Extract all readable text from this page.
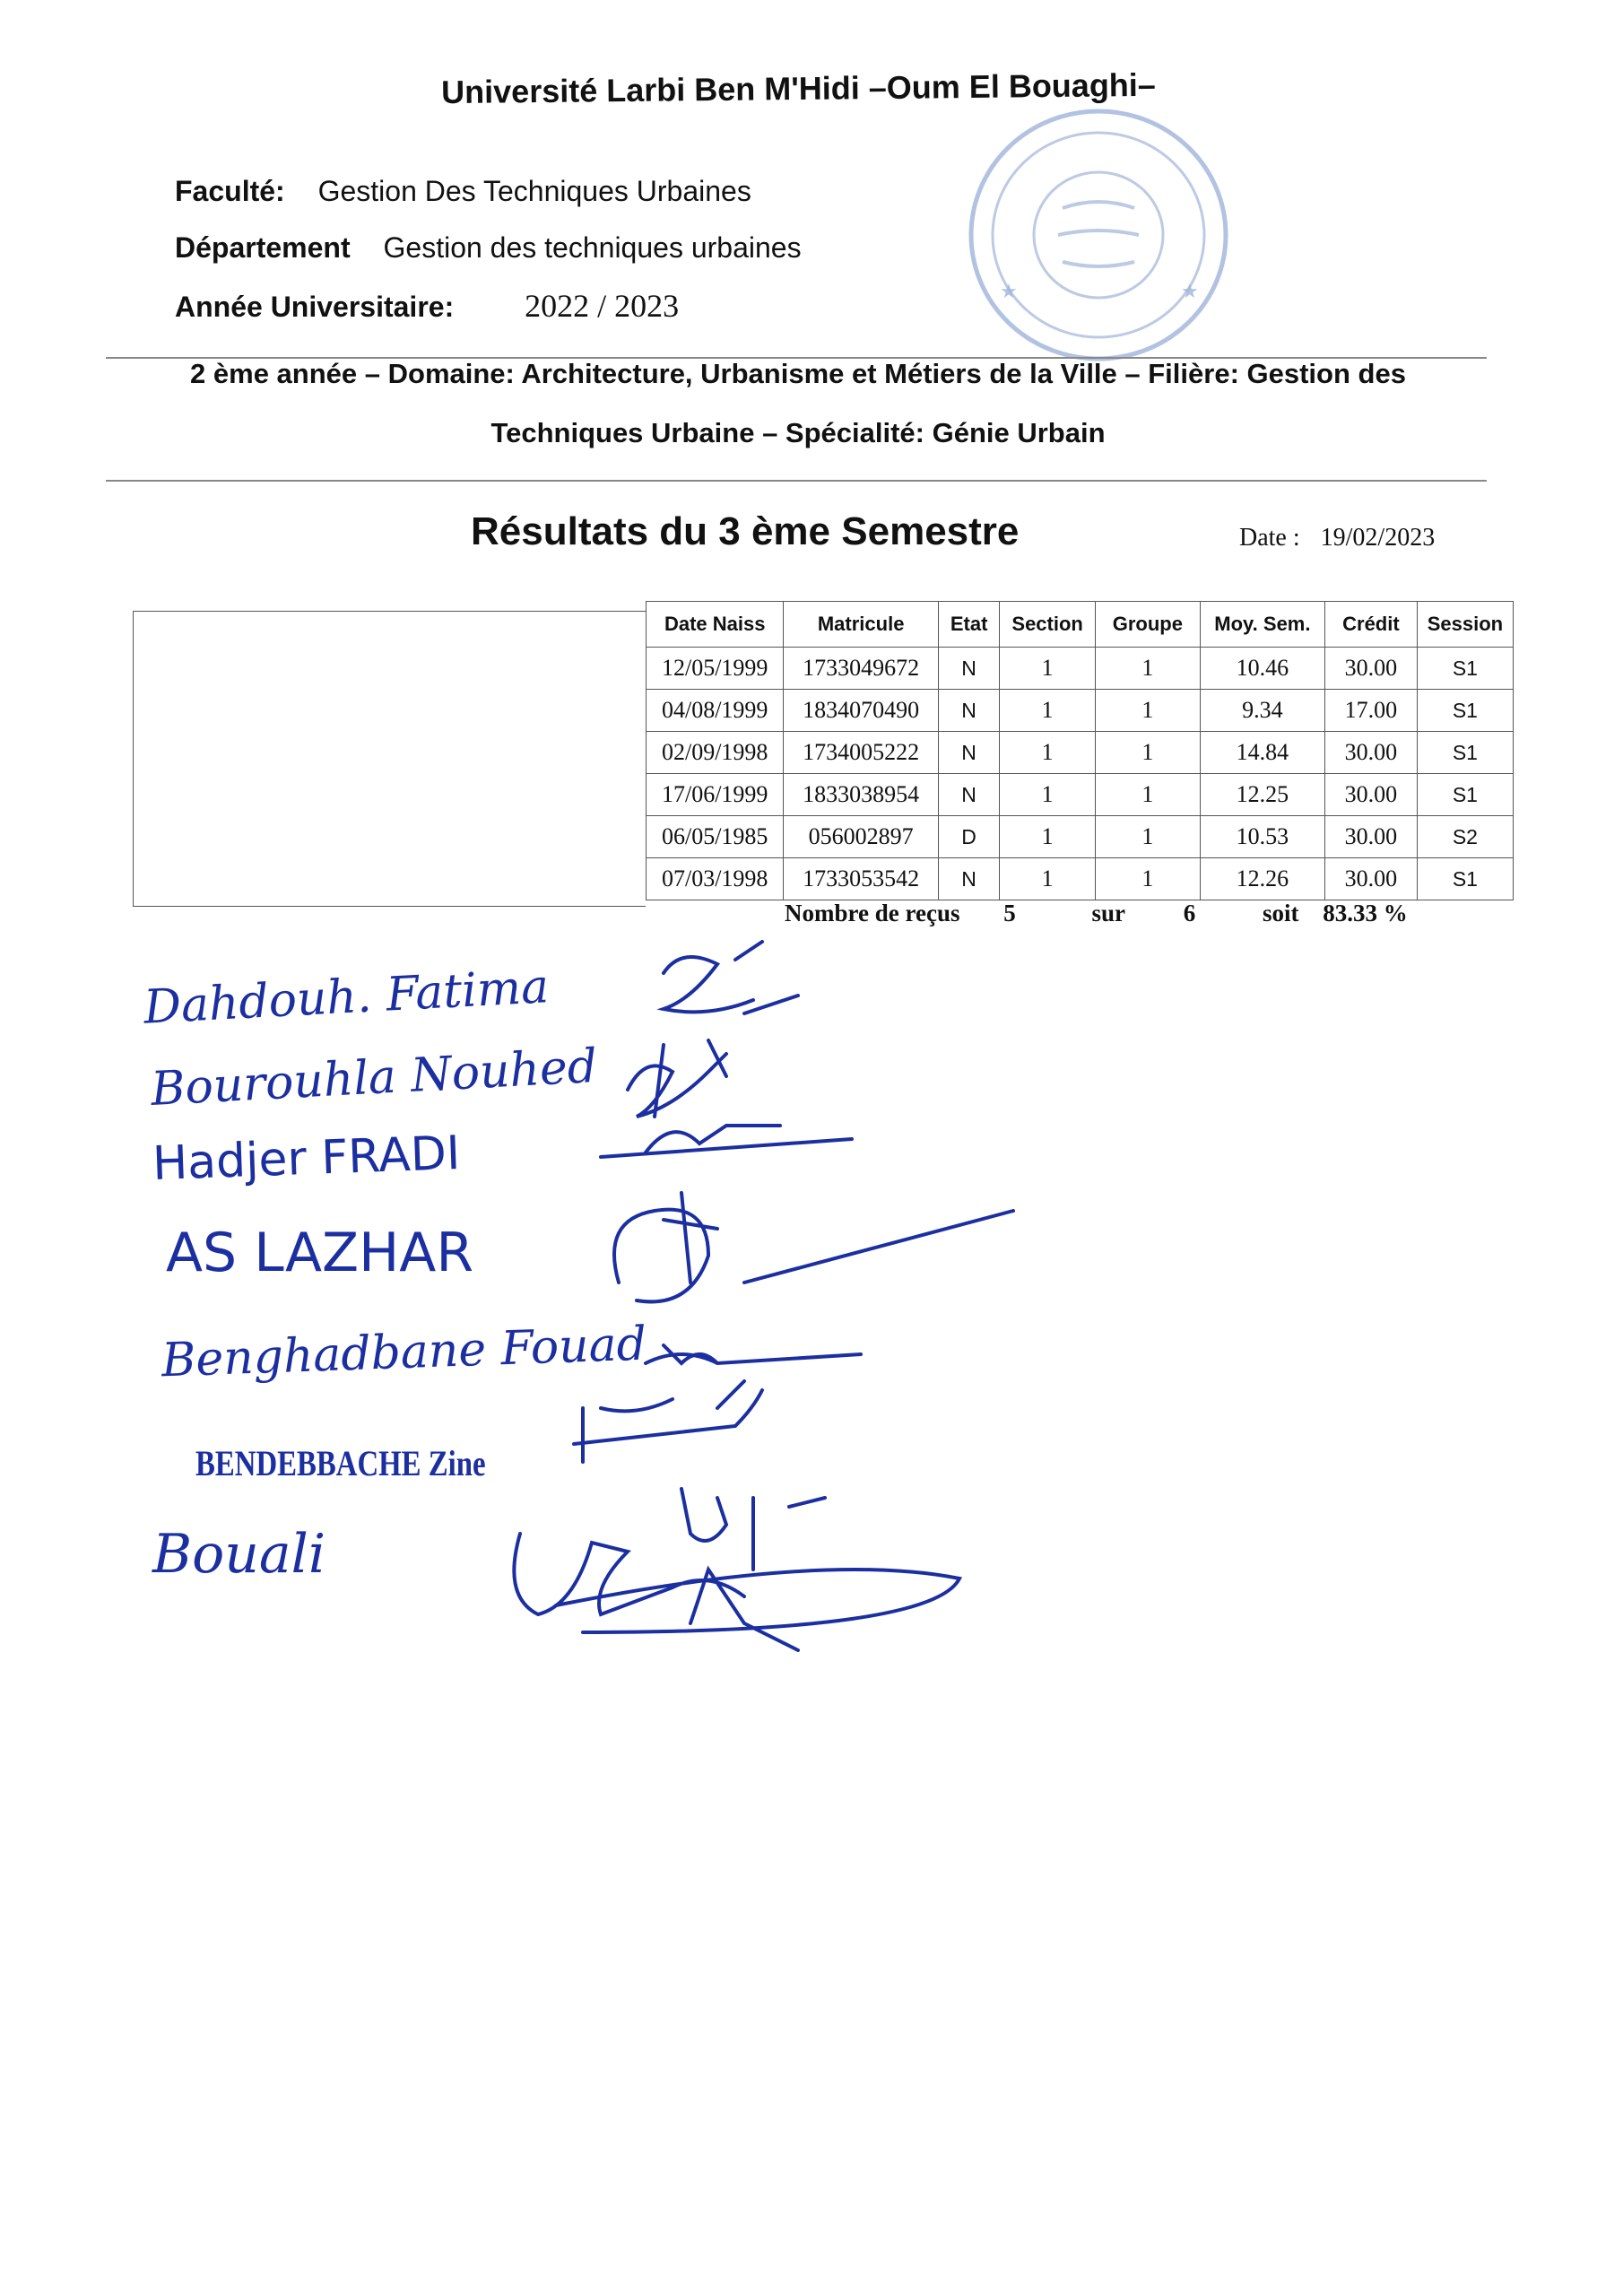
Université Larbi Ben M'Hidi –Oum El Bouaghi–
Faculté: Gestion Des Techniques Urbaines
Département Gestion des techniques urbaines
Année Universitaire: 2022 / 2023	★	★
2 ème année – Domaine: Architecture, Urbanisme et Métiers de la Ville – Filière: Gestion des
Techniques Urbaine – Spécialité: Génie Urbain
Résultats du 3 ème Semestre	Date : 19/02/2023
Date Naiss	Matricule	Etat	Section	Groupe	Moy. Sem.	Crédit	Session
12/05/1999	1733049672	N	1	1	10.46	30.00	S1
04/08/1999	1834070490	N	1	1	9.34	17.00	S1
02/09/1998	1734005222	N	1	1	14.84	30.00	S1
17/06/1999	1833038954	N	1	1	12.25	30.00	S1
06/05/1985	056002897	D	1	1	10.53	30.00	S2
07/03/1998	1733053542	N	1	1	12.26	30.00	S1
Nombre de reçus 5	sur 6	soit 83.33 %
Dahdouh. Fatima
Bourouhla Nouhed
Hadjer FRADI
AS LAZHAR
Benghadbane Fouad
BENDEBBACHE Zine
Bouali
